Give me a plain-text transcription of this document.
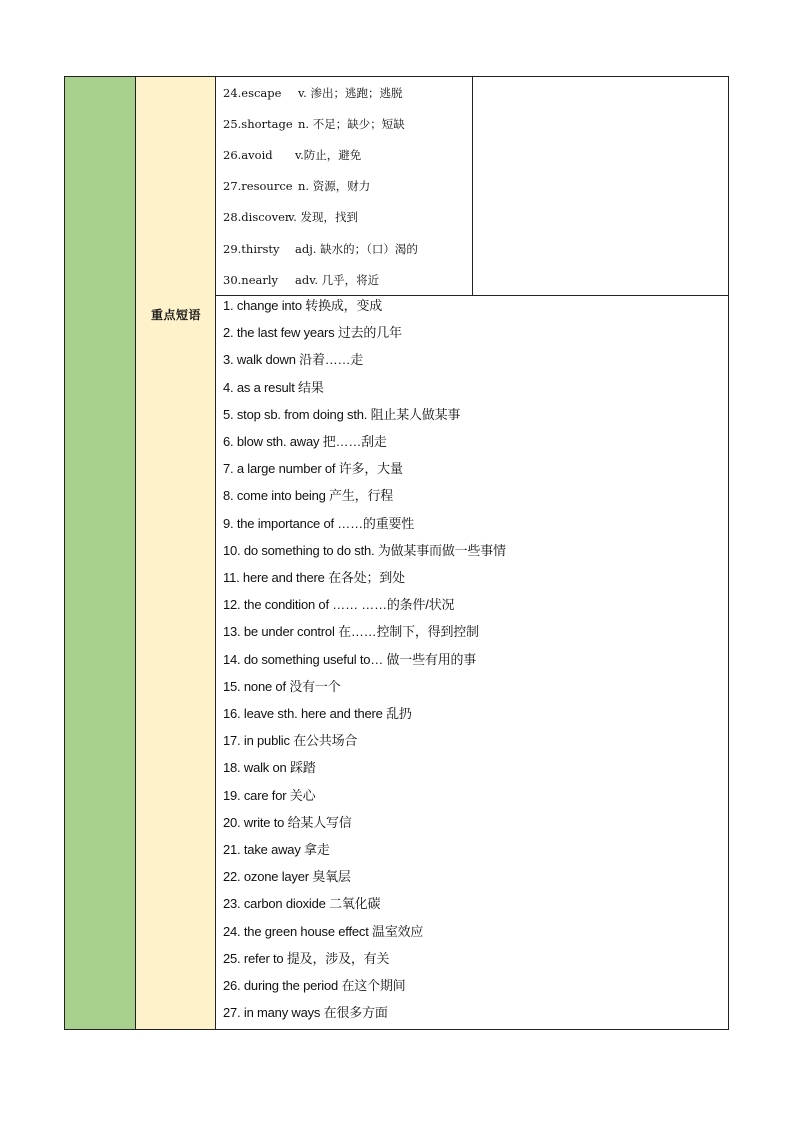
重点短语
24.escape v. 渗出；逃跑；逃脱
25.shortage n. 不足；缺少；短缺
26.avoid v.防止，避免
27.resource n. 资源，财力
28.discoverv. 发现，找到
29.thirsty adj. 缺水的；（口）渴的
30.nearly adv. 几乎，将近
1. change into 转换成，变成
2. the last few years 过去的几年
3. walk down 沿着……走
4. as a result 结果
5. stop sb. from doing sth. 阻止某人做某事
6. blow sth. away 把……刮走
7. a large number of 许多，大量
8. come into being 产生，行程
9. the importance of ……的重要性
10. do something to do sth. 为做某事而做一些事情
11. here and there 在各处；到处
12. the condition of …… ……的条件/状况
13. be under control 在……控制下，得到控制
14. do something useful to… 做一些有用的事
15. none of 没有一个
16. leave sth. here and there 乱扔
17. in public 在公共场合
18. walk on 踩踏
19. care for 关心
20. write to 给某人写信
21. take away 拿走
22. ozone layer 臭氧层
23. carbon dioxide 二氧化碳
24. the green house effect 温室效应
25. refer to 提及，涉及，有关
26. during the period 在这个期间
27. in many ways 在很多方面
